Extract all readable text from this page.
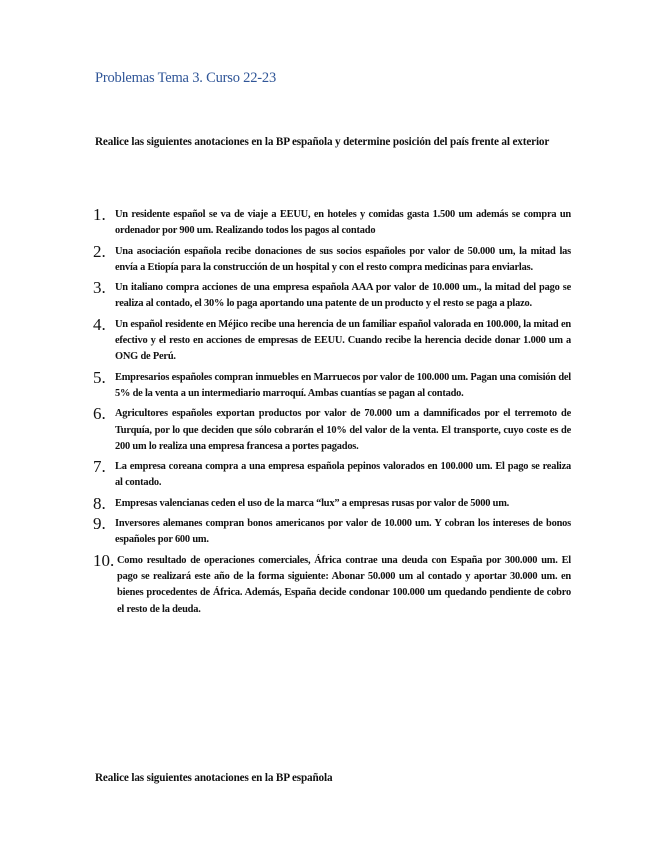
Problemas Tema 3. Curso 22-23
Realice las siguientes anotaciones en la BP española y determine posición del país frente al exterior
1. Un residente español se va de viaje a EEUU, en hoteles y comidas gasta 1.500 um además se compra un ordenador por 900 um. Realizando todos los pagos al contado
2. Una asociación española recibe donaciones de sus socios españoles por valor de 50.000 um, la mitad las envía a Etiopía para la construcción de un hospital y con el resto compra medicinas para enviarlas.
3. Un italiano compra acciones de una empresa española AAA por valor de 10.000 um., la mitad del pago se realiza al contado, el 30% lo paga aportando una patente de un producto y el resto se paga a plazo.
4. Un español residente en Méjico recibe una herencia de un familiar español valorada en 100.000, la mitad en efectivo y el resto en acciones de empresas de EEUU. Cuando recibe la herencia decide donar 1.000 um a ONG de Perú.
5. Empresarios españoles compran inmuebles en Marruecos por valor de 100.000 um. Pagan una comisión del 5% de la venta a un intermediario marroquí. Ambas cuantías se pagan al contado.
6. Agricultores españoles exportan productos por valor de 70.000 um a damnificados por el terremoto de Turquía, por lo que deciden que sólo cobrarán el 10% del valor de la venta. El transporte, cuyo coste es de 200 um lo realiza una empresa francesa a portes pagados.
7. La empresa coreana compra a una empresa española pepinos valorados en 100.000 um. El pago se realiza al contado.
8. Empresas valencianas ceden el uso de la marca “lux” a empresas rusas por valor de 5000 um.
9. Inversores alemanes compran bonos americanos por valor de 10.000 um. Y cobran los intereses de bonos españoles por 600 um.
10. Como resultado de operaciones comerciales, África contrae una deuda con España por 300.000 um. El pago se realizará este año de la forma siguiente: Abonar 50.000 um al contado y aportar 30.000 um. en bienes procedentes de África. Además, España decide condonar 100.000 um quedando pendiente de cobro el resto de la deuda.
Realice las siguientes anotaciones en la BP española
